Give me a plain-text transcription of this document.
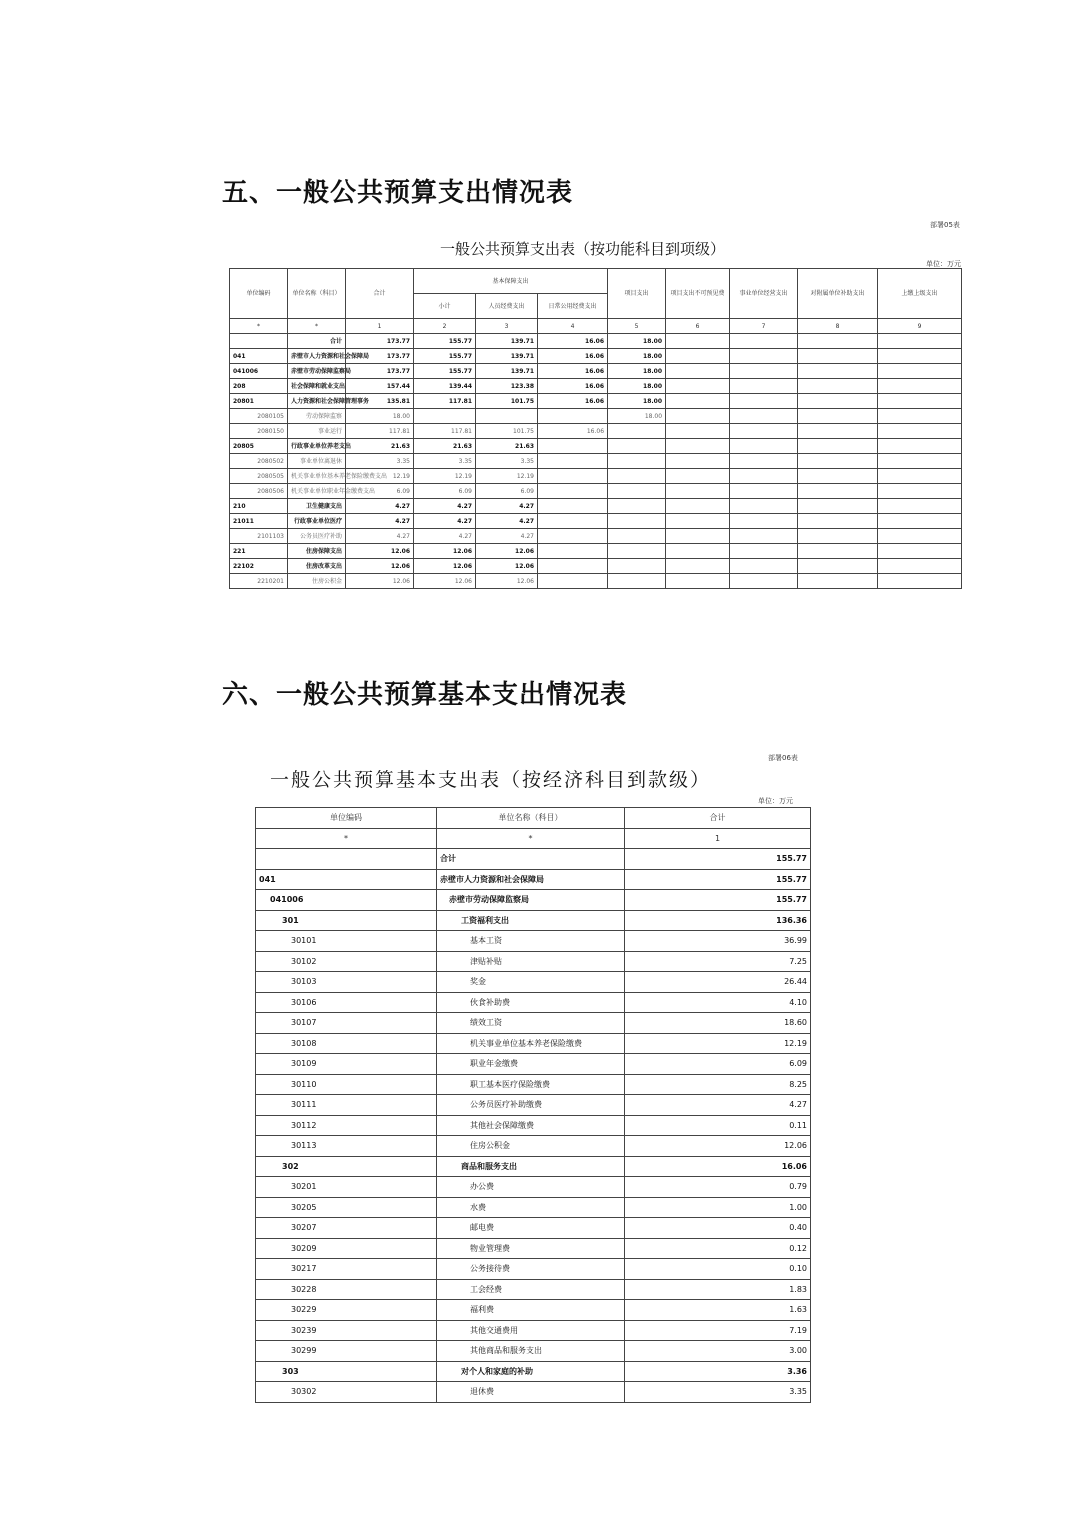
五、一般公共预算支出情况表
部署05表
一般公共预算支出表（按功能科目到项级）
单位：万元
单位编码	单位名称（科目）	合计	基本保障支出			项目支出	项目支出不可预见费	事业单位经营支出	对附属单位补助支出	上缴上级支出
			小计	人员经费支出	日常公用经费支出					
*	*	1	2	3	4	5	6	7	8	9
	合计	173.77	155.77	139.71	16.06	18.00				
041	赤壁市人力资源和社会保障局	173.77	155.77	139.71	16.06	18.00				
041006	赤壁市劳动保障监察局	173.77	155.77	139.71	16.06	18.00				
208	社会保障和就业支出	157.44	139.44	123.38	16.06	18.00				
20801	人力资源和社会保障管理事务	135.81	117.81	101.75	16.06	18.00				
2080105	劳动保障监察	18.00				18.00				
2080150	事业运行	117.81	117.81	101.75	16.06					
20805	行政事业单位养老支出	21.63	21.63	21.63						
2080502	事业单位离退休	3.35	3.35	3.35						
2080505	机关事业单位基本养老保险缴费支出	12.19	12.19	12.19						
2080506	机关事业单位职业年金缴费支出	6.09	6.09	6.09						
210	卫生健康支出	4.27	4.27	4.27						
21011	行政事业单位医疗	4.27	4.27	4.27						
2101103	公务员医疗补助	4.27	4.27	4.27						
221	住房保障支出	12.06	12.06	12.06						
22102	住房改革支出	12.06	12.06	12.06						
2210201	住房公积金	12.06	12.06	12.06						
六、一般公共预算基本支出情况表
部署06表
一般公共预算基本支出表（按经济科目到款级）
单位：万元
单位编码	单位名称（科目）	合计
*	*	1
	合计	155.77
041	赤壁市人力资源和社会保障局	155.77
041006	赤壁市劳动保障监察局	155.77
301	工资福利支出	136.36
30101	基本工资	36.99
30102	津贴补贴	7.25
30103	奖金	26.44
30106	伙食补助费	4.10
30107	绩效工资	18.60
30108	机关事业单位基本养老保险缴费	12.19
30109	职业年金缴费	6.09
30110	职工基本医疗保险缴费	8.25
30111	公务员医疗补助缴费	4.27
30112	其他社会保障缴费	0.11
30113	住房公积金	12.06
302	商品和服务支出	16.06
30201	办公费	0.79
30205	水费	1.00
30207	邮电费	0.40
30209	物业管理费	0.12
30217	公务接待费	0.10
30228	工会经费	1.83
30229	福利费	1.63
30239	其他交通费用	7.19
30299	其他商品和服务支出	3.00
303	对个人和家庭的补助	3.36
30302	退休费	3.35
